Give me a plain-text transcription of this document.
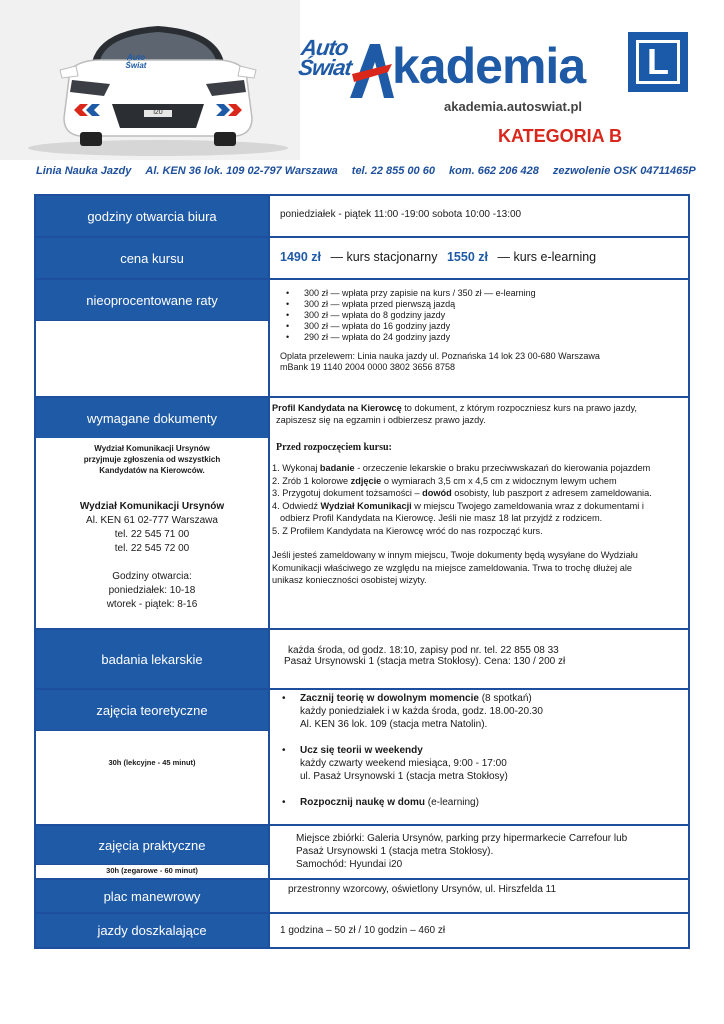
Auto
Świat
i20
Auto
Świat kademia
akademia.autoswiat.pl
L
KATEGORIA B
Linia Nauka Jazdy Al. KEN 36 lok. 109 02-797 Warszawa tel. 22 855 00 60 kom. 662 206 428 zezwolenie OSK 04711465P
godziny otwarcia biura	poniedziałek - piątek 11:00 -19:00 sobota 10:00 -13:00
cena kursu	1490 zł — kurs stacjonarny 1550 zł — kurs e-learning
nieoprocentowane raty
•	300 zł — wpłata przy zapisie na kurs / 350 zł — e-learning
• 300 zł — wpłata przed pierwszą jazdą
• 300 zł — wpłata do 8 godziny jazdy
• 300 zł — wpłata do 16 godziny jazdy
• 290 zł — wpłata do 24 godziny jazdy
Oplata przelewem: Linia nauka jazdy ul. Poznańska 14 lok 23 00-680 Warszawa
mBank 19 1140 2004 0000 3802 3656 8758
wymagane dokumenty
Wydział Komunikacji Ursynów
przyjmuje zgłoszenia od wszystkich
Kandydatów na Kierowców.
Wydział Komunikacji Ursynów
Al. KEN 61 02-777 Warszawa
tel. 22 545 71 00
tel. 22 545 72 00
Godziny otwarcia:
poniedziałek: 10-18
wtorek - piątek: 8-16
Profil Kandydata na Kierowcę to dokument, z którym rozpoczniesz kurs na prawo jazdy,
zapiszesz się na egzamin i odbierzesz prawo jazdy.
Przed rozpoczęciem kursu:
1. Wykonaj badanie - orzeczenie lekarskie o braku przeciwwskazań do kierowania pojazdem
2. Zrób 1 kolorowe zdjęcie o wymiarach 3,5 cm x 4,5 cm z widocznym lewym uchem
3. Przygotuj dokument tożsamości – dowód osobisty, lub paszport z adresem zameldowania.
4. Odwiedź Wydział Komunikacji w miejscu Twojego zameldowania wraz z dokumentami i
odbierz Profil Kandydata na Kierowcę. Jeśli nie masz 18 lat przyjdź z rodzicem.
5. Z Profilem Kandydata na Kierowcę wróć do nas rozpocząć kurs.
Jeśli jesteś zameldowany w innym miejscu, Twoje dokumenty będą wysyłane do Wydziału
Komunikacji właściwego ze względu na miejsce zameldowania. Trwa to trochę dłużej ale
unikasz konieczności osobistej wizyty.
badania lekarskie
każda środa, od godz. 18:10, zapisy pod nr. tel. 22 855 08 33
Pasaż Ursynowski 1 (stacja metra Stokłosy). Cena: 130 / 200 zł
zajęcia teoretyczne
30h (lekcyjne - 45 minut)
• Zacznij teorię w dowolnym momencie (8 spotkań)
każdy poniedziałek i w każda środa, godz. 18.00-20.30
Al. KEN 36 lok. 109 (stacja metra Natolin).
• Ucz się teorii w weekendy
każdy czwarty weekend miesiąca, 9:00 - 17:00
ul. Pasaż Ursynowski 1 (stacja metra Stokłosy)
• Rozpocznij naukę w domu (e-learning)
zajęcia praktyczne
30h (zegarowe - 60 minut)
Miejsce zbiórki: Galeria Ursynów, parking przy hipermarkecie Carrefour lub
Pasaż Ursynowski 1 (stacja metra Stokłosy).
Samochód: Hyundai i20
plac manewrowy	przestronny wzorcowy, oświetlony Ursynów, ul. Hirszfelda 11
jazdy doszkalające	1 godzina – 50 zł / 10 godzin – 460 zł
